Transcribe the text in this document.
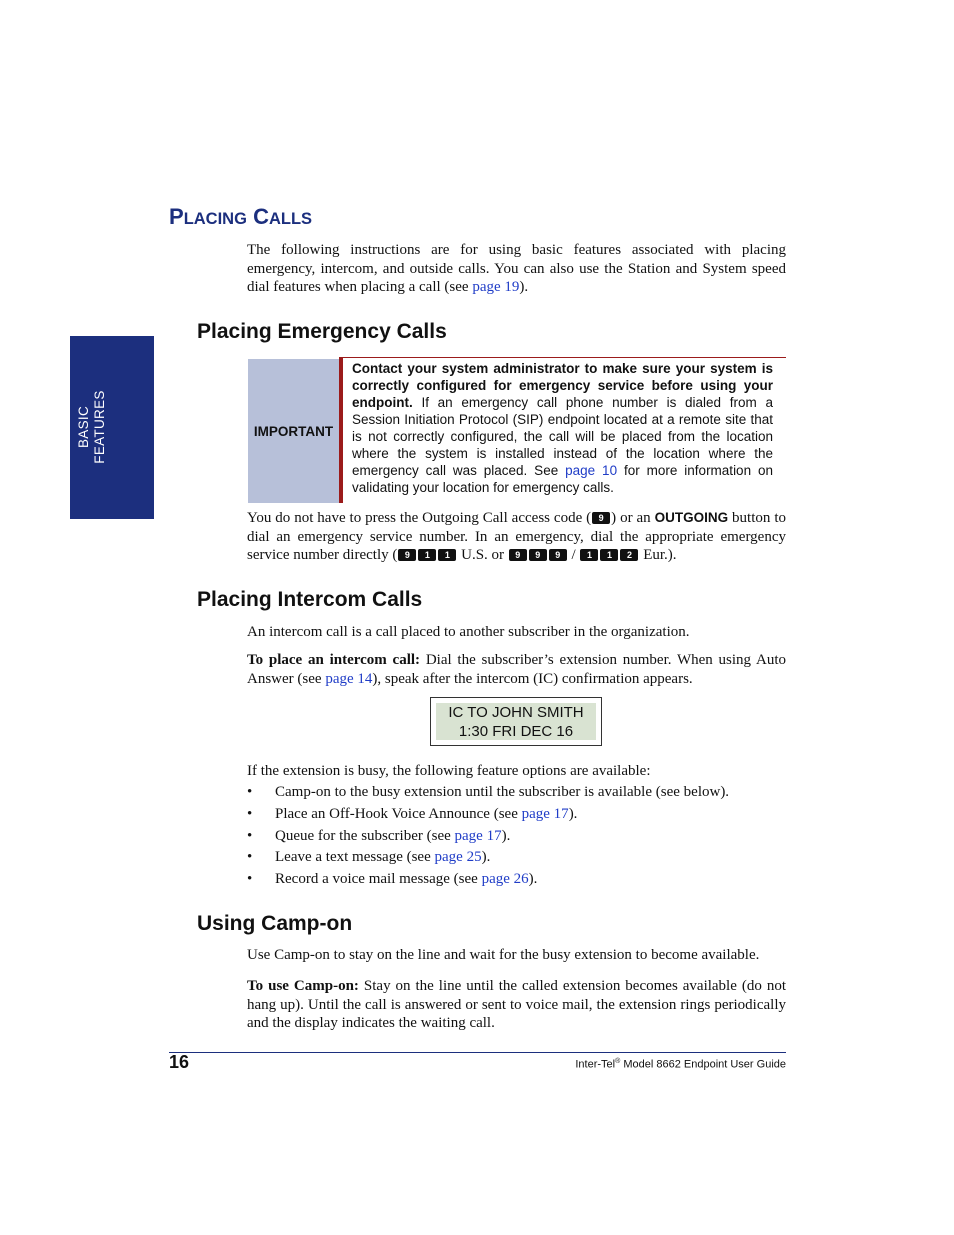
BASIC FEATURES
PLACING CALLS
The following instructions are for using basic features associated with placing emergency, intercom, and outside calls. You can also use the Station and System speed dial features when placing a call (see page 19).
Placing Emergency Calls
IMPORTANT
Contact your system administrator to make sure your system is correctly configured for emergency service before using your endpoint. If an emergency call phone number is dialed from a Session Initiation Protocol (SIP) endpoint located at a remote site that is not correctly configured, the call will be placed from the location where the system is installed instead of the location where the emergency call was placed. See page 10 for more information on validating your location for emergency calls.
You do not have to press the Outgoing Call access code ( 9 ) or an OUTGOING button to dial an emergency service number. In an emergency, dial the appropriate emergency service number directly ( 9 1 1 U.S. or 9 9 9 / 1 1 2 Eur.).
Placing Intercom Calls
An intercom call is a call placed to another subscriber in the organization.
To place an intercom call: Dial the subscriber’s extension number. When using Auto Answer (see page 14), speak after the intercom (IC) confirmation appears.
IC TO JOHN SMITH
1:30 FRI DEC 16
If the extension is busy, the following feature options are available:
• Camp-on to the busy extension until the subscriber is available (see below).
• Place an Off-Hook Voice Announce (see page 17).
• Queue for the subscriber (see page 17).
• Leave a text message (see page 25).
• Record a voice mail message (see page 26).
Using Camp-on
Use Camp-on to stay on the line and wait for the busy extension to become available.
To use Camp-on: Stay on the line until the called extension becomes available (do not hang up). Until the call is answered or sent to voice mail, the extension rings periodically and the display indicates the waiting call.
16	Inter-Tel® Model 8662 Endpoint User Guide
